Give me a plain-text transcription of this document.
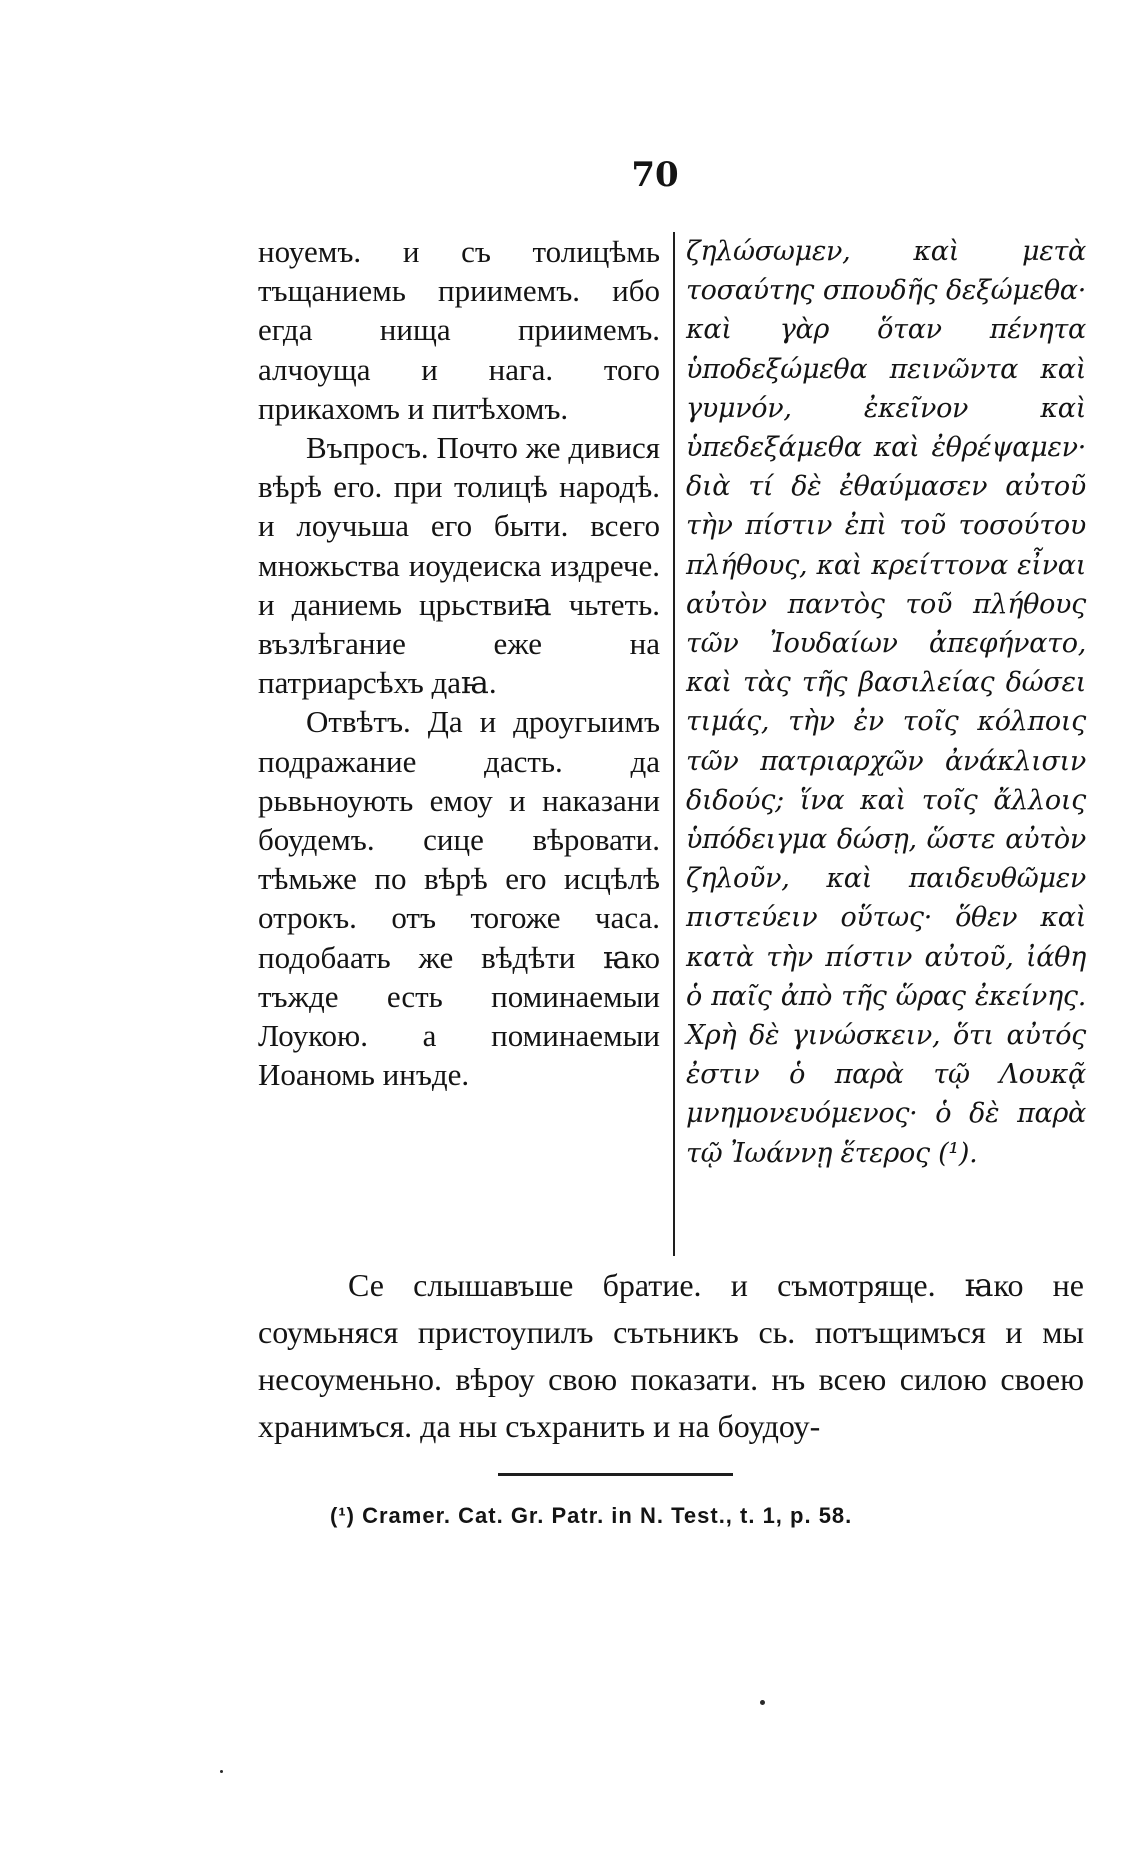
70

ноуемъ. и съ толицѣмь тъщаниемь приимемъ. ибо егда нища приимемъ. алчоуща и нага. того прикахомъ и питѣхомъ.

Въпросъ. Почто же дивися вѣрѣ его. при толицѣ народѣ. и лоучьша его быти. всего множьства иоудеиска издрече. и даниемь црьствиꙗ чьтеть. възлѣгание еже на патриарсѣхъ даꙗ.

Отвѣтъ. Да и дроугыимъ подражание дасть. да рьвьноують емоу и наказани боудемъ. сице вѣровати. тѣмьже по вѣрѣ его исцѣлѣ отрокъ. отъ тогоже часа. подобаать же вѣдѣти ꙗко тъжде есть поминаемыи Лоукою. а поминаемыи Иоаномь инъде.

ζηλώσωμεν, καὶ μετὰ τοσαύτης σπουδῆς δεξώμεθα· καὶ γὰρ ὅταν πένητα ὑποδεξώμεθα πεινῶντα καὶ γυμνόν, ἐκεῖνον καὶ ὑπεδεξάμεθα καὶ ἐθρέψαμεν· διὰ τί δὲ ἐθαύμασεν αὐτοῦ τὴν πίστιν ἐπὶ τοῦ τοσούτου πλήθους, καὶ κρείττονα εἶναι αὐτὸν παντὸς τοῦ πλήθους τῶν Ἰουδαίων ἀπεφήνατο, καὶ τὰς τῆς βασιλείας δώσει τιμάς, τὴν ἐν τοῖς κόλποις τῶν πατριαρχῶν ἀνάκλισιν διδούς; ἵνα καὶ τοῖς ἄλλοις ὑπόδειγμα δώσῃ, ὥστε αὐτὸν ζηλοῦν, καὶ παιδευθῶμεν πιστεύειν οὕτως· ὅθεν καὶ κατὰ τὴν πίστιν αὐτοῦ, ἰάθη ὁ παῖς ἀπὸ τῆς ὥρας ἐκείνης. Χρὴ δὲ γινώσκειν, ὅτι αὐτός ἐστιν ὁ παρὰ τῷ Λουκᾷ μνημονευόμενος· ὁ δὲ παρὰ τῷ Ἰωάννῃ ἕτερος (¹).

Се слышавъше братие. и съмотряще. ꙗко не соумьняся пристоупилъ сътьникъ сь. потъщимъся и мы несоуменьно. вѣроу свою показати. нъ всею силою своею хранимъся. да ны съхранить и на боудоу-

(¹) Cramer. Cat. Gr. Patr. in N. Test., t. 1, p. 58.
